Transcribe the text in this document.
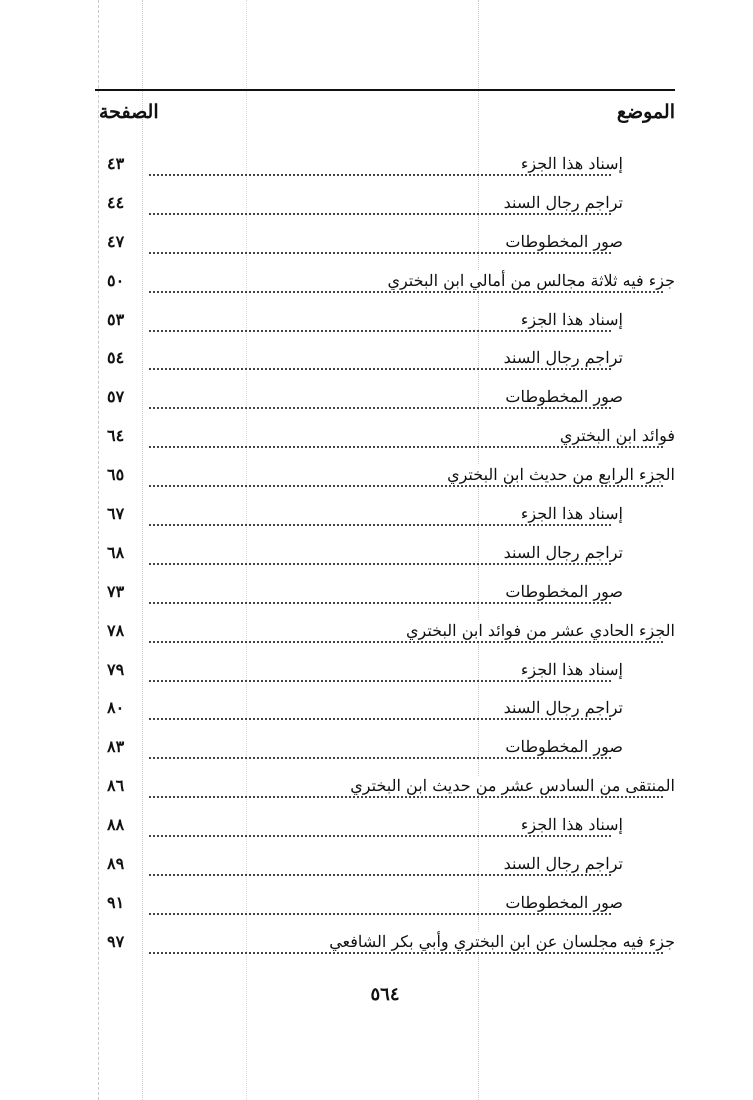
الموضع
الصفحة
إسناد هذا الجزء
٤٣
تراجم رجال السند
٤٤
صور المخطوطات
٤٧
جزء فيه ثلاثة مجالس من أمالي ابن البختري
٥٠
إسناد هذا الجزء
٥٣
تراجم رجال السند
٥٤
صور المخطوطات
٥٧
فوائد ابن البختري
٦٤
الجزء الرابع من حديث ابن البختري
٦٥
إسناد هذا الجزء
٦٧
تراجم رجال السند
٦٨
صور المخطوطات
٧٣
الجزء الحادي عشر من فوائد ابن البختري
٧٨
إسناد هذا الجزء
٧٩
تراجم رجال السند
٨٠
صور المخطوطات
٨٣
المنتقى من السادس عشر من حديث ابن البختري
٨٦
إسناد هذا الجزء
٨٨
تراجم رجال السند
٨٩
صور المخطوطات
٩١
جزء فيه مجلسان عن ابن البختري وأبي بكر الشافعي
٩٧
٥٦٤
